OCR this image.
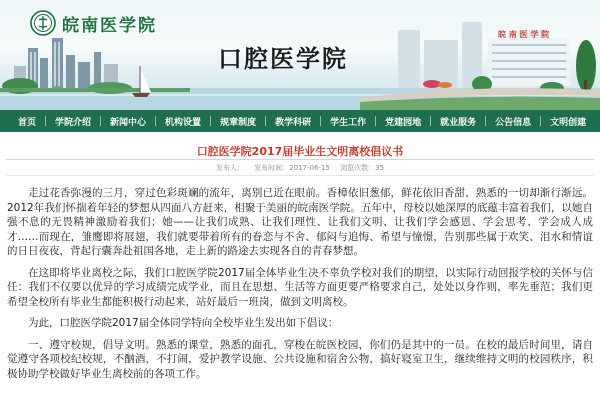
皖 南 医 学 院
皖南医学院
口腔医学院
首页 学院介绍 新闻中心 机构设置 规章制度 教学科研 学生工作 党建园地 就业服务 公告信息 文明创建
口腔医学院2017届毕业生文明离校倡议书
发布人： 发布时间：2017-06-15 浏览次数：35

走过花香弥漫的三月，穿过色彩斑斓的流年，离别已近在眼前。香樟依旧葱郁，鲜花依旧香甜，熟悉的一切却渐行渐远。2012年我们怀揣着年轻的梦想从四面八方赶来，相聚于美丽的皖南医学院。五年中，母校以她深厚的底蕴丰富着我们，以她自强不息的无畏精神激励着我们；她——让我们成熟、让我们理性、让我们文明、让我们学会感恩、学会思考、学会成人成才……而现在，雏鹰即将展翅，我们就要带着所有的眷恋与不舍、郁闷与追悔、希望与憧憬，告别那些属于欢笑、泪水和情谊的日日夜夜，背起行囊奔赴祖国各地，走上新的路途去实现各自的青春梦想。

在这即将毕业离校之际，我们口腔医学院2017届全体毕业生决不辜负学校对我们的期望，以实际行动回报学校的关怀与信任：我们不仅要以优异的学习成绩完成学业，而且在思想、生活等方面更要严格要求自己，处处以身作则，率先垂范；我们更希望全校所有毕业生都能积极行动起来，站好最后一班岗，做到文明离校。

为此，口腔医学院2017届全体同学特向全校毕业生发出如下倡议：

一、遵守校规，倡导文明。熟悉的课堂，熟悉的面孔，穿梭在皖医校园，你们仍是其中的一员。在校的最后时间里，请自觉遵守各项校纪校规，不酗酒，不打闹，爱护教学设施、公共设施和宿舍公物，搞好寝室卫生，继续维持文明的校园秩序，积极协助学校做好毕业生离校前的各项工作。
